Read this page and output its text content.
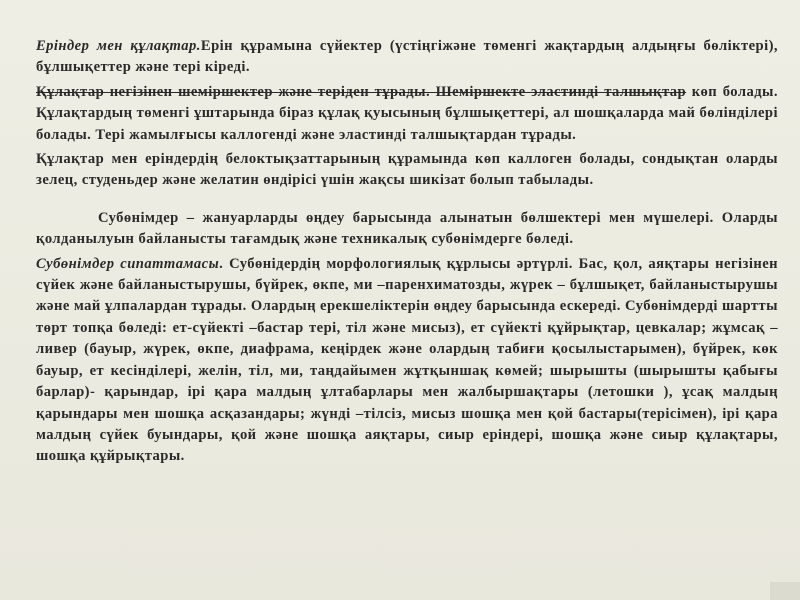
Еріндер мен құлақтар.Ерін құрамына сүйектер (үстіңгіжәне төменгі жақтардың алдыңғы бөліктері), бұлшықеттер және тері кіреді.

Құлақтар негізінен шеміршектер және теріден тұрады. Шеміршекте эластинді талшықтар көп болады. Құлақтардың төменгі ұштарында біраз құлақ қуысының бұлшықеттері, ал шошқаларда май бөлінділері болады. Тері жамылғысы каллогенді және эластинді талшықтардан тұрады.

Құлақтар мен еріндердің белоктықзаттарының құрамында көп каллоген болады, сондықтан оларды зелец, студеньдер және желатин өндірісі үшін жақсы шикізат болып табылады.

Субөнімдер – жануарларды өңдеу барысында алынатын бөлшектері мен мүшелері. Оларды қолданылуын байланысты тағамдық және техникалық субөнімдерге бөледі.

Субөнімдер сипаттамасы. Субөнідердің морфологиялық құрлысы әртүрлі. Бас, қол, аяқтары негізінен сүйек және байланыстырушы, бүйрек, өкпе, ми –паренхиматозды, жүрек – бұлшықет, байланыстырушы және май ұлпалардан тұрады. Олардың ерекшеліктерін өңдеу барысында ескереді. Субөнімдерді шартты төрт топқа бөледі: ет-сүйекті –бастар тері, тіл және мисыз), ет сүйекті құйрықтар, цевкалар; жұмсақ –ливер (бауыр, жүрек, өкпе, диафрама, кеңірдек және олардың табиғи қосылыстарымен), бүйрек, көк бауыр, ет кесінділері, желін, тіл, ми, таңдайымен жұтқыншақ көмей; шырышты (шырышты қабығы барлар)- қарындар, ірі қара малдың ұлтабарлары мен жалбыршақтары (летошки ), ұсақ малдың қарындары мен шошқа асқазандары; жүнді –тілсіз, мисыз шошқа мен қой бастары(терісімен), ірі қара малдың сүйек буындары, қой және шошқа аяқтары, сиыр еріндері, шошқа және сиыр құлақтары, шошқа құйрықтары.
